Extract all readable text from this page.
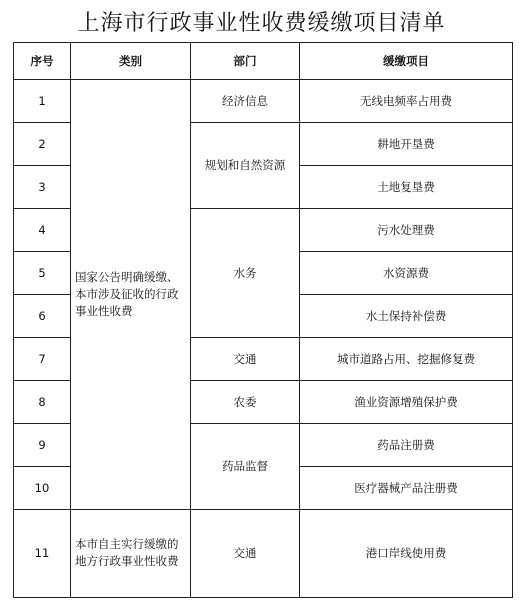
上海市行政事业性收费缓缴项目清单
序号	类别	部门	缓缴项目
1	国家公告明确缓缴、本市涉及征收的行政事业性收费	经济信息	无线电频率占用费
2		规划和自然资源	耕地开垦费
3			土地复垦费
4		水务	污水处理费
5			水资源费
6			水土保持补偿费
7		交通	城市道路占用、挖掘修复费
8		农委	渔业资源增殖保护费
9		药品监督	药品注册费
10			医疗器械产品注册费
11	本市自主实行缓缴的地方行政事业性收费	交通	港口岸线使用费
